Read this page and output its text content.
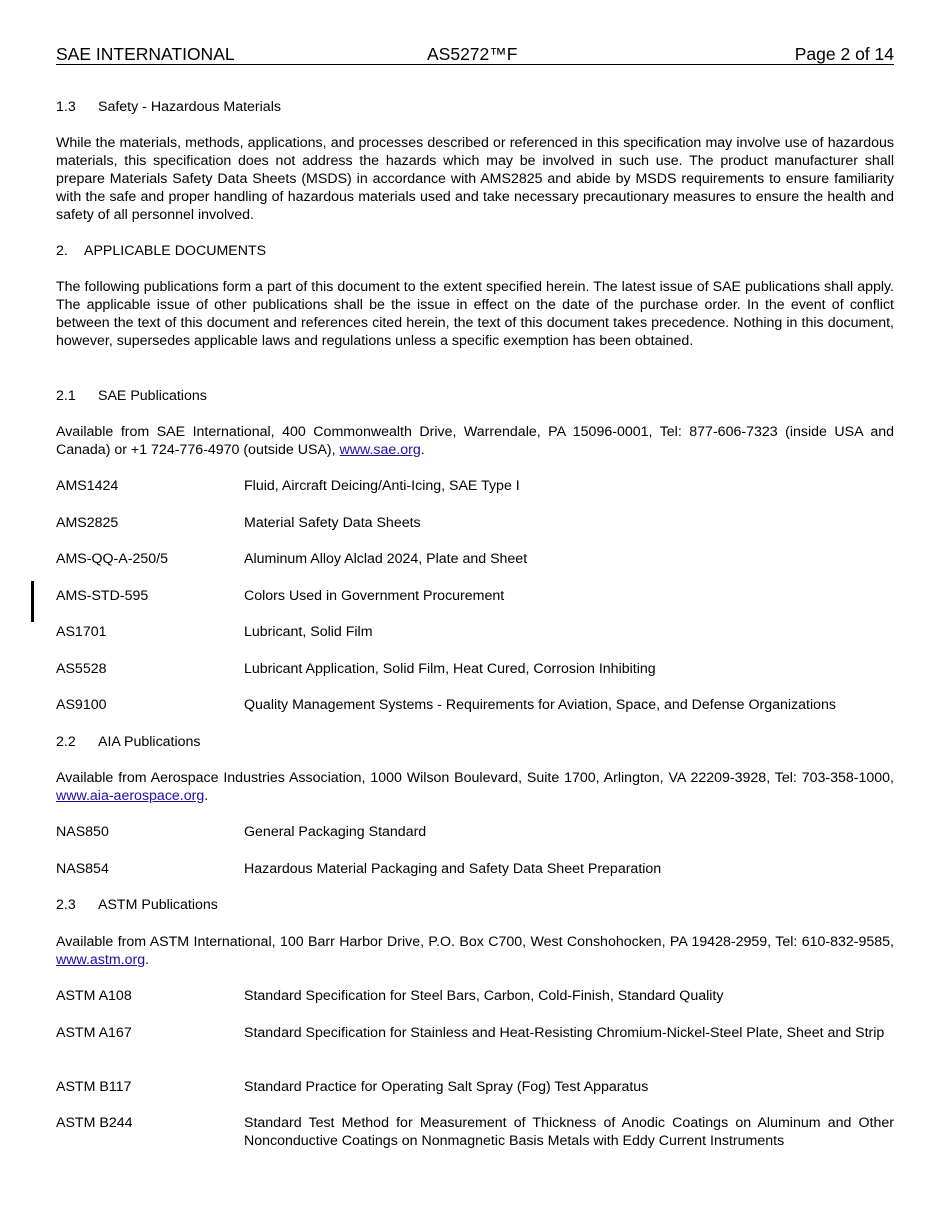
SAE INTERNATIONAL	AS5272™F	Page 2 of 14
1.3 Safety - Hazardous Materials

While the materials, methods, applications, and processes described or referenced in this specification may involve use of hazardous materials, this specification does not address the hazards which may be involved in such use. The product manufacturer shall prepare Materials Safety Data Sheets (MSDS) in accordance with AMS2825 and abide by MSDS requirements to ensure familiarity with the safe and proper handling of hazardous materials used and take necessary precautionary measures to ensure the health and safety of all personnel involved.

2. APPLICABLE DOCUMENTS

The following publications form a part of this document to the extent specified herein. The latest issue of SAE publications shall apply. The applicable issue of other publications shall be the issue in effect on the date of the purchase order. In the event of conflict between the text of this document and references cited herein, the text of this document takes precedence. Nothing in this document, however, supersedes applicable laws and regulations unless a specific exemption has been obtained.

2.1 SAE Publications

Available from SAE International, 400 Commonwealth Drive, Warrendale, PA 15096-0001, Tel: 877-606-7323 (inside USA and Canada) or +1 724-776-4970 (outside USA), www.sae.org.

AMS1424	Fluid, Aircraft Deicing/Anti-Icing, SAE Type I
AMS2825	Material Safety Data Sheets
AMS-QQ-A-250/5	Aluminum Alloy Alclad 2024, Plate and Sheet
AMS-STD-595	Colors Used in Government Procurement
AS1701	Lubricant, Solid Film
AS5528	Lubricant Application, Solid Film, Heat Cured, Corrosion Inhibiting
AS9100	Quality Management Systems - Requirements for Aviation, Space, and Defense Organizations
2.2 AIA Publications

Available from Aerospace Industries Association, 1000 Wilson Boulevard, Suite 1700, Arlington, VA 22209-3928, Tel: 703-358-1000, www.aia-aerospace.org.

NAS850	General Packaging Standard
NAS854	Hazardous Material Packaging and Safety Data Sheet Preparation
2.3 ASTM Publications

Available from ASTM International, 100 Barr Harbor Drive, P.O. Box C700, West Conshohocken, PA 19428-2959, Tel: 610-832-9585, www.astm.org.

ASTM A108	Standard Specification for Steel Bars, Carbon, Cold-Finish, Standard Quality
ASTM A167	Standard Specification for Stainless and Heat-Resisting Chromium-Nickel-Steel Plate, Sheet and Strip
ASTM B117	Standard Practice for Operating Salt Spray (Fog) Test Apparatus
ASTM B244	Standard Test Method for Measurement of Thickness of Anodic Coatings on Aluminum and Other Nonconductive Coatings on Nonmagnetic Basis Metals with Eddy Current Instruments
